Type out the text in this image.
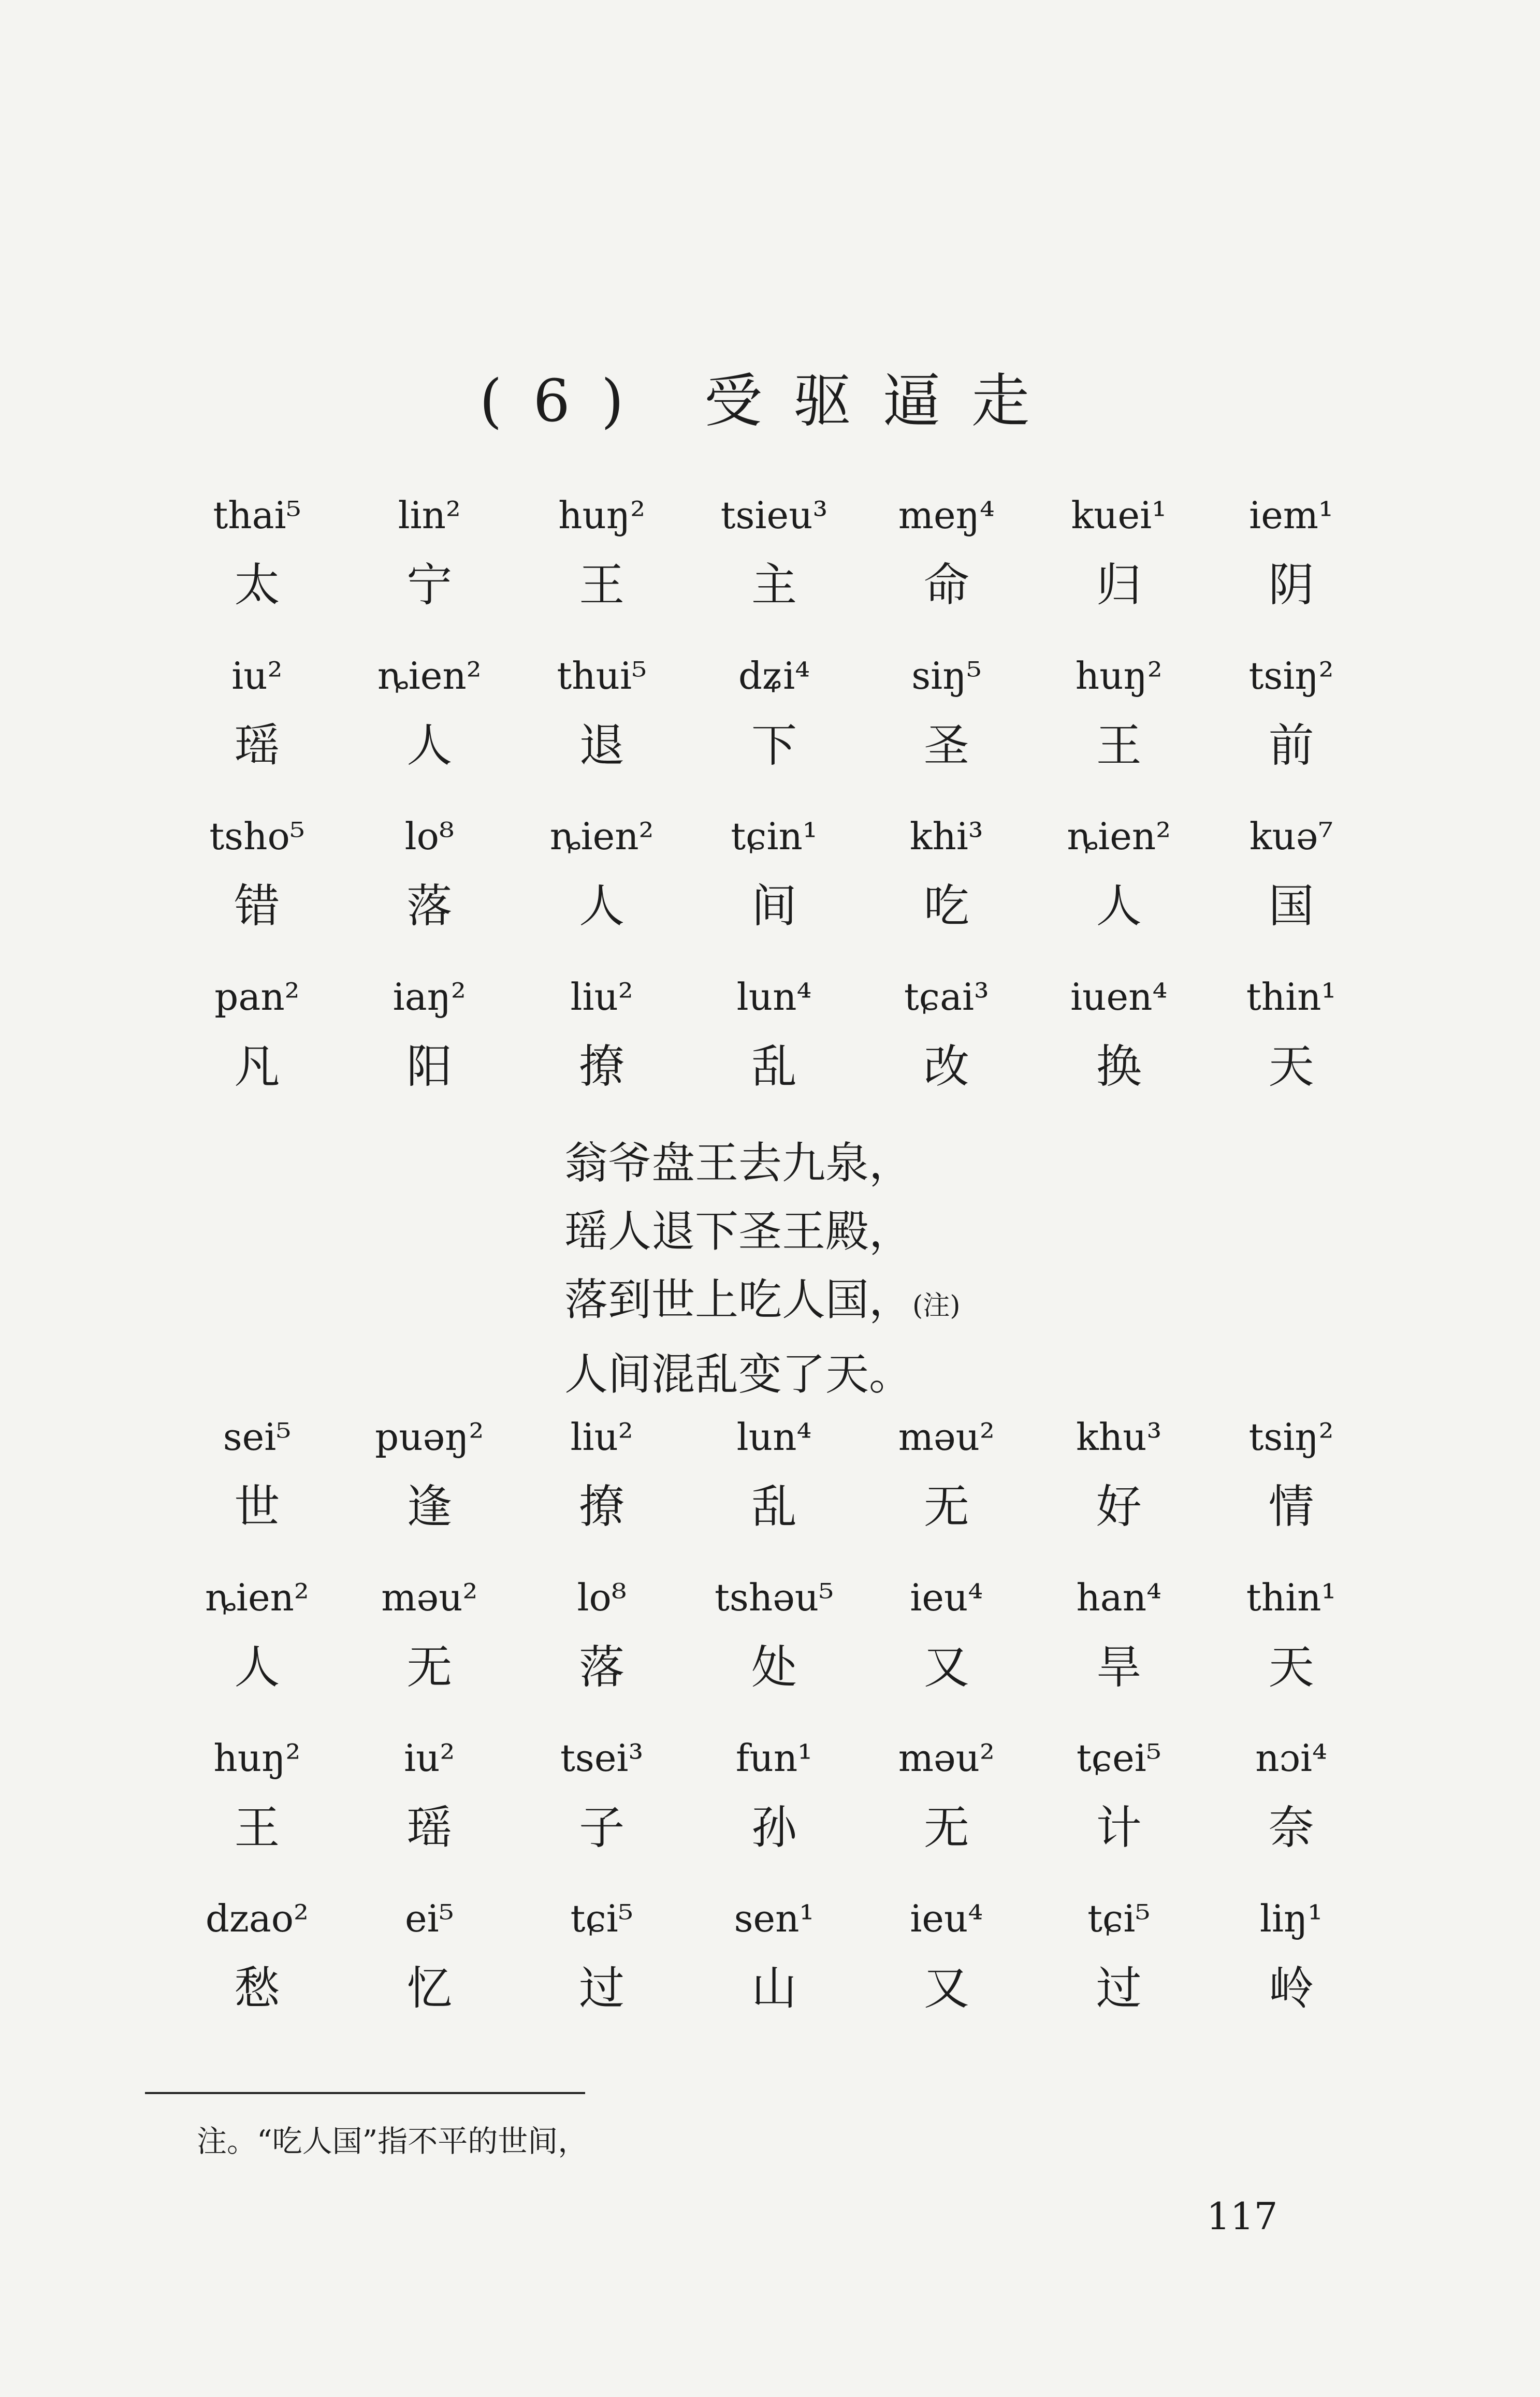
(6) 受驱逼走
thai⁵	lin²	huŋ²	tsieu³	meŋ⁴	kuei¹	iem¹
太	宁	王	主	命	归	阴
iu²	ȵien²	thui⁵	dʑi⁴	siŋ⁵	huŋ²	tsiŋ²
瑶	人	退	下	圣	王	前
tsho⁵	lo⁸	ȵien²	tɕin¹	khi³	ȵien²	kuə⁷
错	落	人	间	吃	人	国
pan²	iaŋ²	liu²	lun⁴	tɕai³	iuen⁴	thin¹
凡	阳	撩	乱	改	换	天
翁爷盘王去九泉，
瑶人退下圣王殿，
落到世上吃人国，(注)
人间混乱变了天。
sei⁵	puəŋ²	liu²	lun⁴	məu²	khu³	tsiŋ²
世	逢	撩	乱	无	好	情
ȵien²	məu²	lo⁸	tshəu⁵	ieu⁴	han⁴	thin¹
人	无	落	处	又	旱	天
huŋ²	iu²	tsei³	fun¹	məu²	tɕei⁵	nɔi⁴
王	瑶	子	孙	无	计	奈
dzao²	ei⁵	tɕi⁵	sen¹	ieu⁴	tɕi⁵	liŋ¹
愁	忆	过	山	又	过	岭
注。“吃人国”指不平的世间，
117
